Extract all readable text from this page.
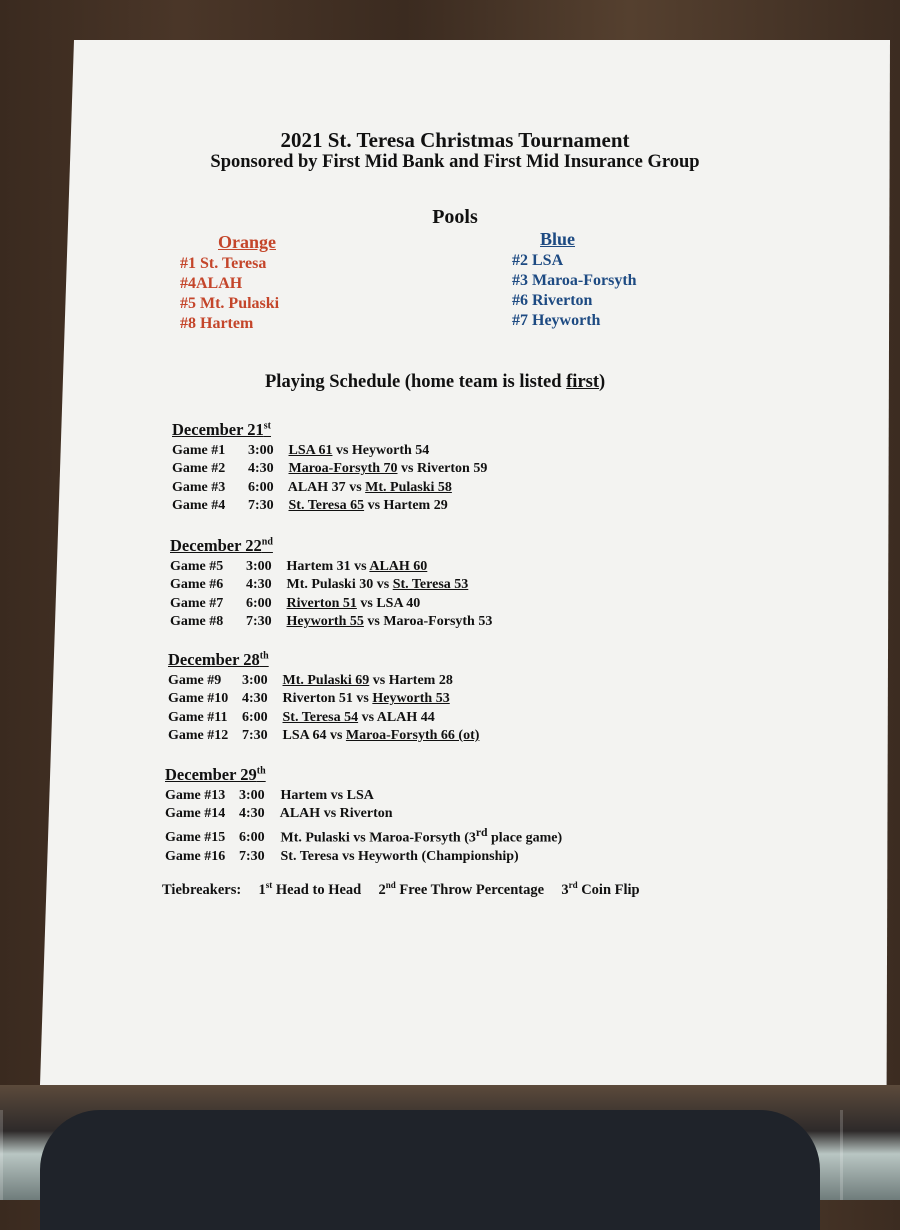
2021 St. Teresa Christmas Tournament
Sponsored by First Mid Bank and First Mid Insurance Group
Pools
Orange
#1 St. Teresa
#4ALAH
#5 Mt. Pulaski
#8 Hartem
Blue
#2 LSA
#3 Maroa-Forsyth
#6 Riverton
#7 Heyworth
Playing Schedule (home team is listed first)
December 21st
Game #1 3:00 LSA 61 vs Heyworth 54
Game #2 4:30 Maroa-Forsyth 70 vs Riverton 59
Game #3 6:00 ALAH 37 vs Mt. Pulaski 58
Game #4 7:30 St. Teresa 65 vs Hartem 29
December 22nd
Game #5 3:00 Hartem 31 vs ALAH 60
Game #6 4:30 Mt. Pulaski 30 vs St. Teresa 53
Game #7 6:00 Riverton 51 vs LSA 40
Game #8 7:30 Heyworth 55 vs Maroa-Forsyth 53
December 28th
Game #9 3:00 Mt. Pulaski 69 vs Hartem 28
Game #10 4:30 Riverton 51 vs Heyworth 53
Game #11 6:00 St. Teresa 54 vs ALAH 44
Game #12 7:30 LSA 64 vs Maroa-Forsyth 66 (ot)
December 29th
Game #13 3:00 Hartem vs LSA
Game #14 4:30 ALAH vs Riverton
Game #15 6:00 Mt. Pulaski vs Maroa-Forsyth (3rd place game)
Game #16 7:30 St. Teresa vs Heyworth (Championship)
Tiebreakers: 1st Head to Head 2nd Free Throw Percentage 3rd Coin Flip
